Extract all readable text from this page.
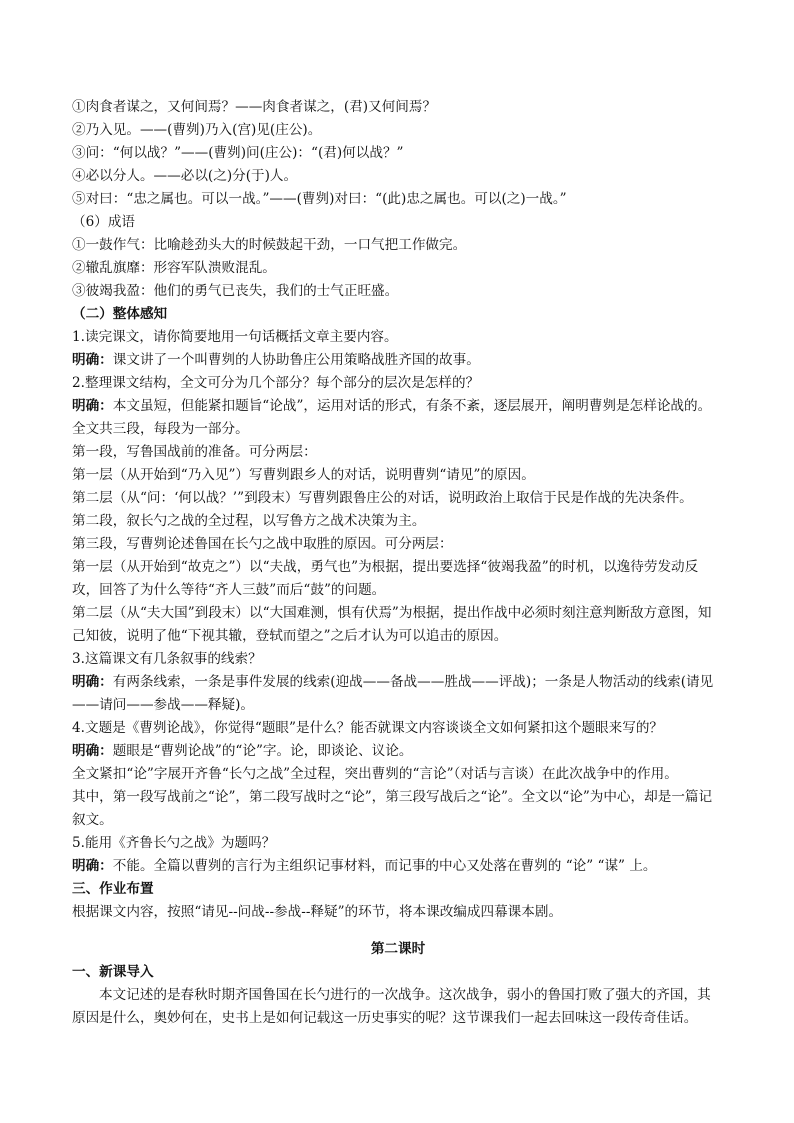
①肉食者谋之，又何间焉？——肉食者谋之，(君)又何间焉？

②乃入见。——(曹刿)乃入(宫)见(庄公)。

③问：“何以战？”——(曹刿)问(庄公)：“(君)何以战？”

④必以分人。——必以(之)分(于)人。

⑤对曰：“忠之属也。可以一战。”——(曹刿)对曰：“(此)忠之属也。可以(之)一战。”

（6）成语

①一鼓作气：比喻趁劲头大的时候鼓起干劲，一口气把工作做完。

②辙乱旗靡：形容军队溃败混乱。

③彼竭我盈：他们的勇气已丧失，我们的士气正旺盛。

（二）整体感知

1.读完课文，请你简要地用一句话概括文章主要内容。

明确：课文讲了一个叫曹刿的人协助鲁庄公用策略战胜齐国的故事。

2.整理课文结构，全文可分为几个部分？每个部分的层次是怎样的？

明确：本文虽短，但能紧扣题旨“论战”，运用对话的形式，有条不紊，逐层展开，阐明曹刿是怎样论战的。

全文共三段，每段为一部分。

第一段，写鲁国战前的准备。可分两层：

第一层（从开始到“乃入见”）写曹刿跟乡人的对话，说明曹刿“请见”的原因。

第二层（从“问：‘何以战？’”到段末）写曹刿跟鲁庄公的对话，说明政治上取信于民是作战的先决条件。

第二段，叙长勺之战的全过程，以写鲁方之战术决策为主。

第三段，写曹刿论述鲁国在长勺之战中取胜的原因。可分两层：

第一层（从开始到“故克之”）以“夫战，勇气也”为根据，提出要选择“彼竭我盈”的时机，以逸待劳发动反攻，回答了为什么等待“齐人三鼓”而后“鼓”的问题。

第二层（从“夫大国”到段末）以“大国难测，惧有伏焉”为根据，提出作战中必须时刻注意判断敌方意图，知己知彼，说明了他“下视其辙，登轼而望之”之后才认为可以追击的原因。

3.这篇课文有几条叙事的线索？

明确：有两条线索，一条是事件发展的线索(迎战——备战——胜战——评战)；一条是人物活动的线索(请见——请问——参战——释疑)。

4.文题是《曹刿论战》，你觉得“题眼”是什么？能否就课文内容谈谈全文如何紧扣这个题眼来写的？

明确：题眼是“曹刿论战”的“论”字。论，即谈论、议论。

全文紧扣“论”字展开齐鲁“长勺之战”全过程，突出曹刿的“言论”（对话与言谈）在此次战争中的作用。

其中，第一段写战前之“论”，第二段写战时之“论”，第三段写战后之“论”。全文以“论”为中心，却是一篇记叙文。

5.能用《齐鲁长勺之战》为题吗？

明确：不能。全篇以曹刿的言行为主组织记事材料，而记事的中心又处落在曹刿的 “论” “谋” 上。

三、作业布置

根据课文内容，按照“请见--问战--参战--释疑”的环节，将本课改编成四幕课本剧。

第二课时

一、新课导入

本文记述的是春秋时期齐国鲁国在长勺进行的一次战争。这次战争，弱小的鲁国打败了强大的齐国，其原因是什么，奥妙何在，史书上是如何记载这一历史事实的呢？这节课我们一起去回味这一段传奇佳话。
